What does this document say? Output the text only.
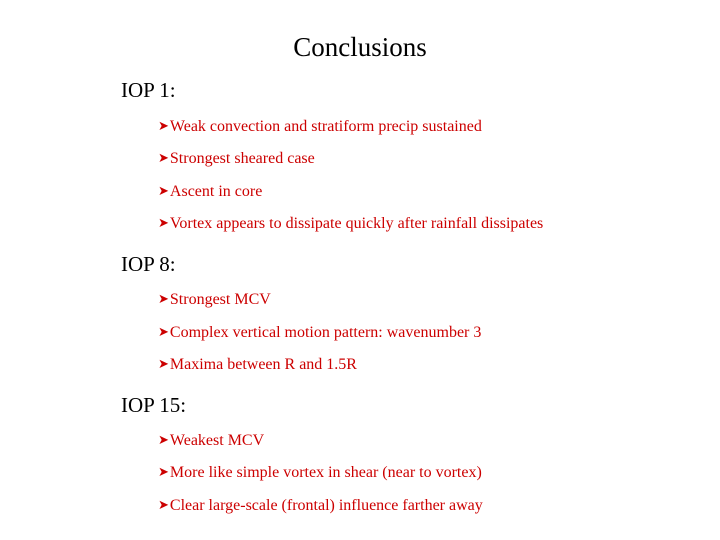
Conclusions
IOP 1:
➤Weak convection and stratiform precip sustained
➤Strongest sheared case
➤Ascent in core
➤Vortex appears to dissipate quickly after rainfall dissipates
IOP 8:
➤Strongest MCV
➤Complex vertical motion pattern: wavenumber 3
➤Maxima between R and 1.5R
IOP 15:
➤Weakest MCV
➤More like simple vortex in shear (near to vortex)
➤Clear large-scale (frontal) influence farther away
